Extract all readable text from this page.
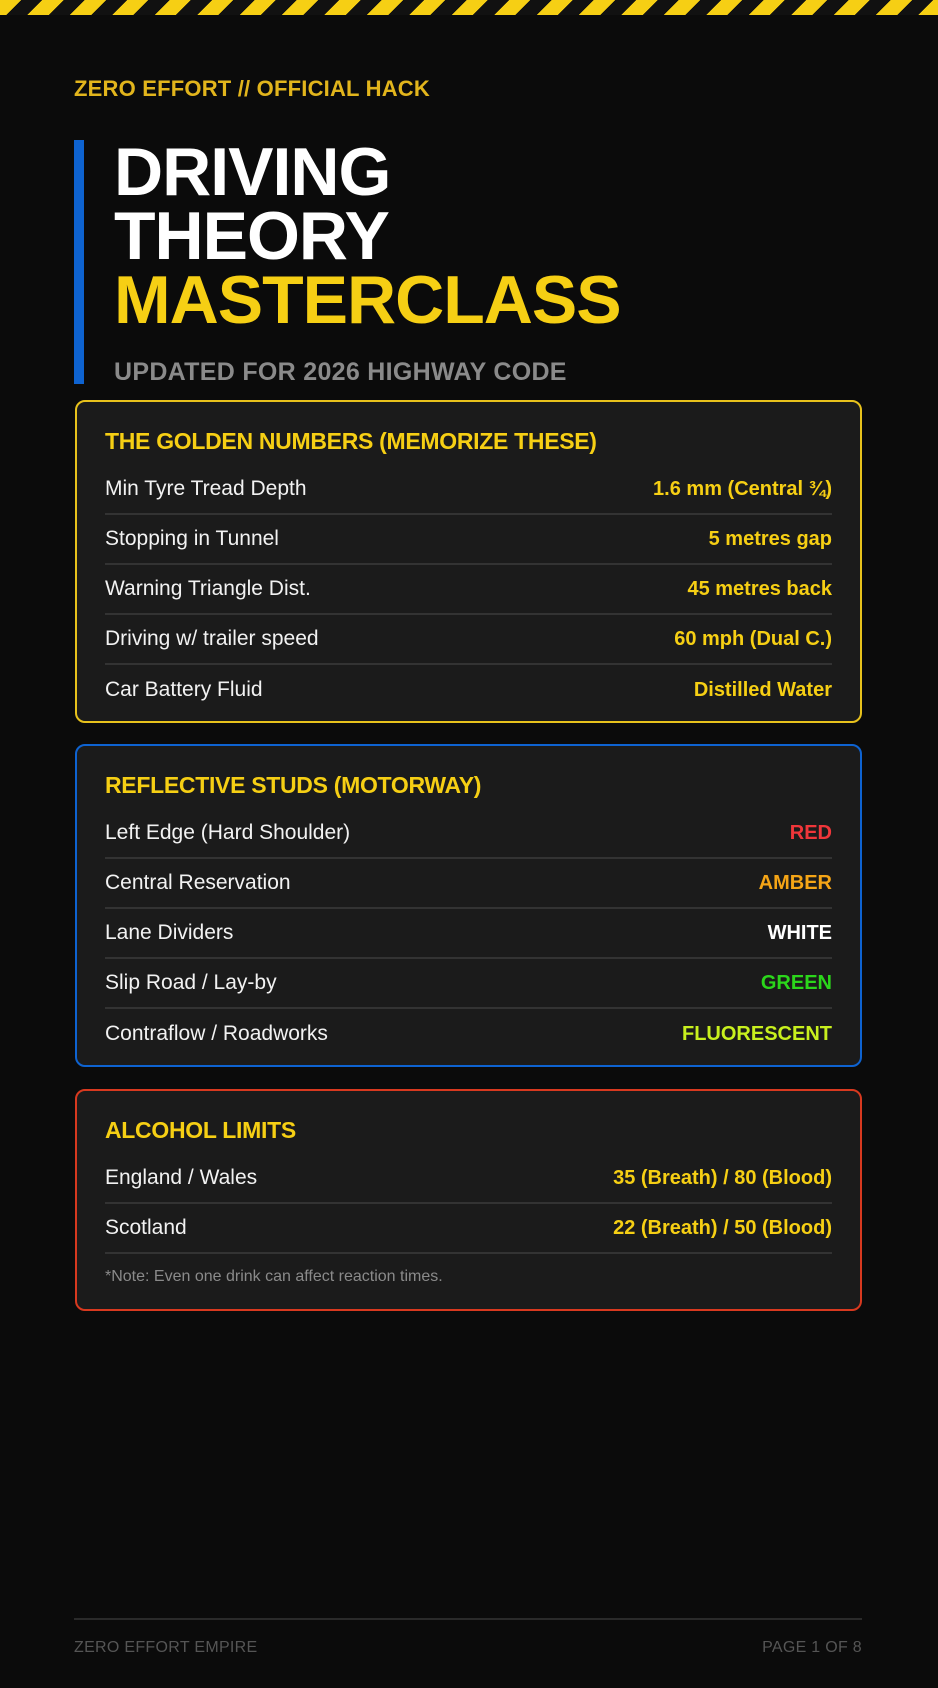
ZERO EFFORT // OFFICIAL HACK
DRIVING
THEORY
MASTERCLASS
UPDATED FOR 2026 HIGHWAY CODE
THE GOLDEN NUMBERS (MEMORIZE THESE)
Min Tyre Tread Depth	1.6 mm (Central ¾)
Stopping in Tunnel	5 metres gap
Warning Triangle Dist.	45 metres back
Driving w/ trailer speed	60 mph (Dual C.)
Car Battery Fluid	Distilled Water
REFLECTIVE STUDS (MOTORWAY)
Left Edge (Hard Shoulder)	RED
Central Reservation	AMBER
Lane Dividers	WHITE
Slip Road / Lay-by	GREEN
Contraflow / Roadworks	FLUORESCENT
ALCOHOL LIMITS
England / Wales	35 (Breath) / 80 (Blood)
Scotland	22 (Breath) / 50 (Blood)
*Note: Even one drink can affect reaction times.
ZERO EFFORT EMPIRE	PAGE 1 OF 8
